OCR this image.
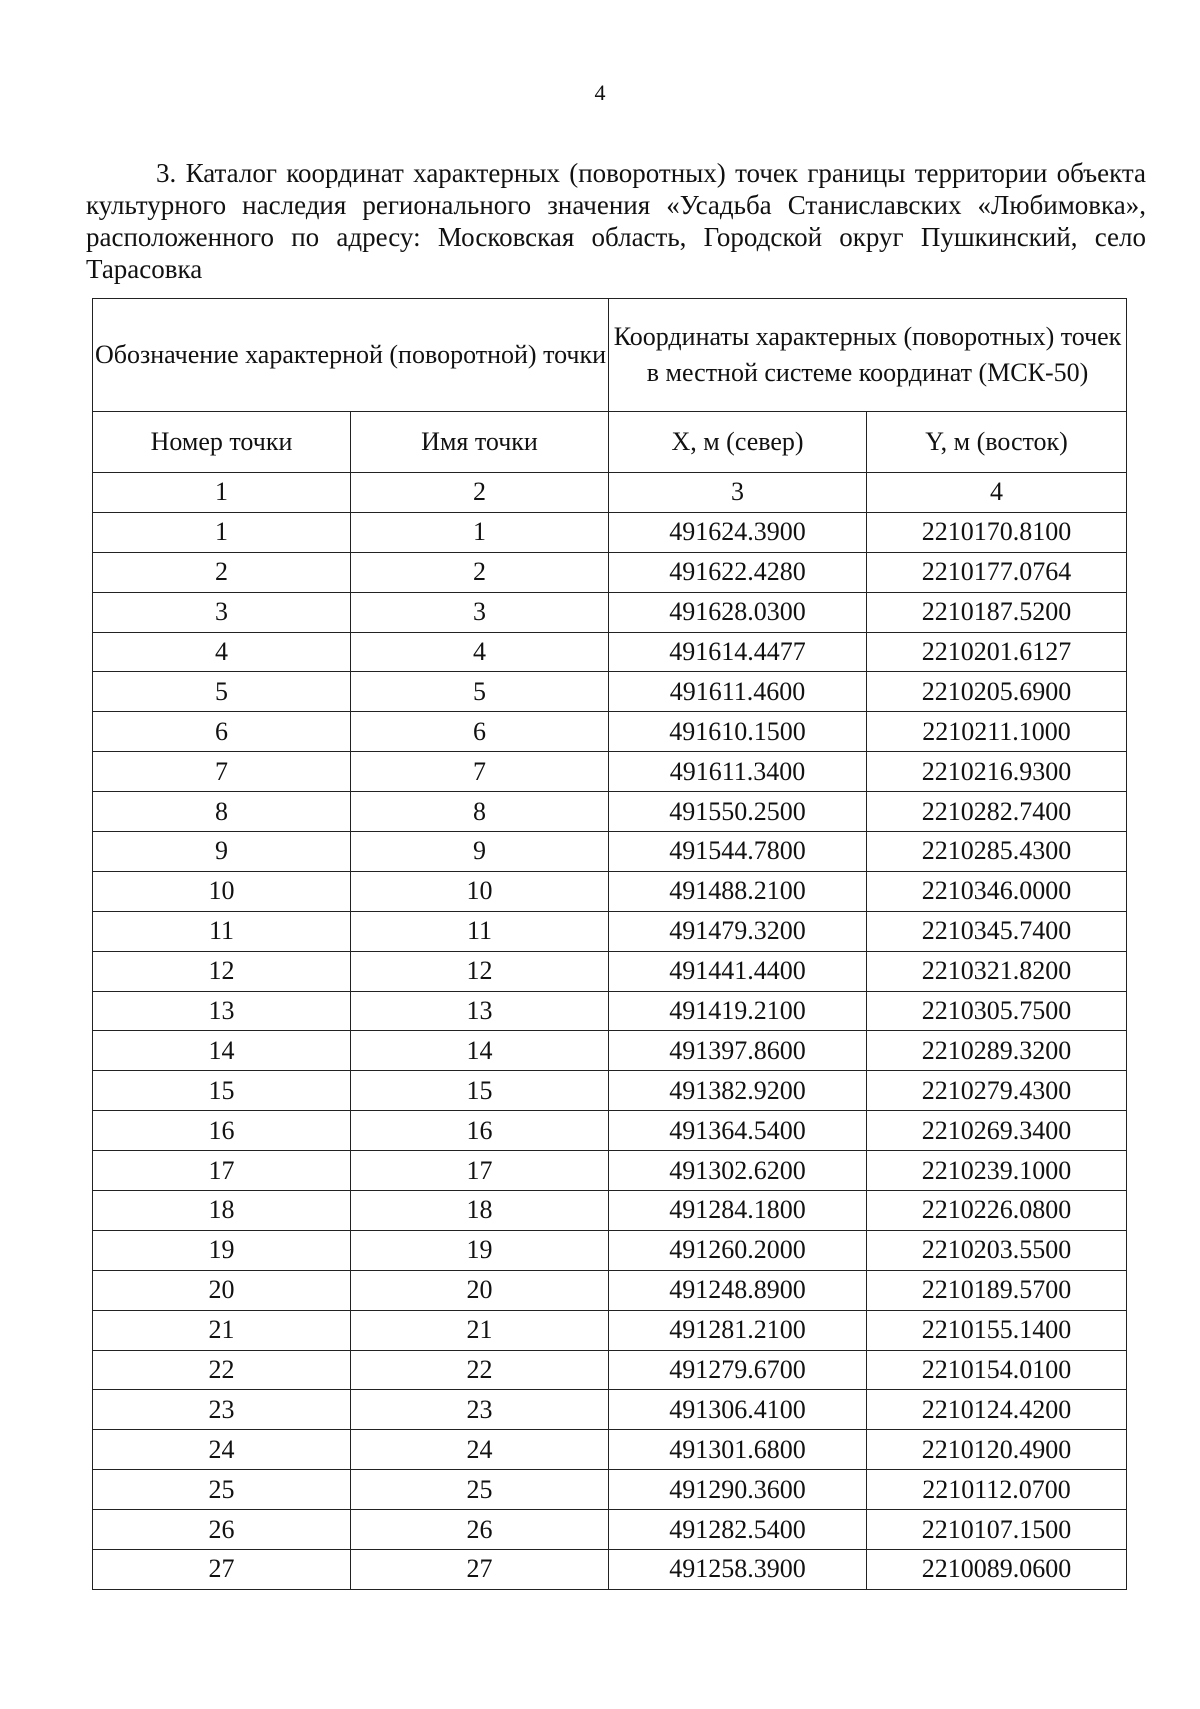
4

3. Каталог координат характерных (поворотных) точек границы территории объекта культурного наследия регионального значения «Усадьба Станиславских «Любимовка», расположенного по адресу: Московская область, Городской округ Пушкинский, село Тарасовка

Обозначение характерной (поворотной) точки		Координаты характерных (поворотных) точек в местной системе координат (МСК-50)	
Номер точки	Имя точки	X, м (север)	Y, м (восток)
1	2	3	4
1	1	491624.3900	2210170.8100
2	2	491622.4280	2210177.0764
3	3	491628.0300	2210187.5200
4	4	491614.4477	2210201.6127
5	5	491611.4600	2210205.6900
6	6	491610.1500	2210211.1000
7	7	491611.3400	2210216.9300
8	8	491550.2500	2210282.7400
9	9	491544.7800	2210285.4300
10	10	491488.2100	2210346.0000
11	11	491479.3200	2210345.7400
12	12	491441.4400	2210321.8200
13	13	491419.2100	2210305.7500
14	14	491397.8600	2210289.3200
15	15	491382.9200	2210279.4300
16	16	491364.5400	2210269.3400
17	17	491302.6200	2210239.1000
18	18	491284.1800	2210226.0800
19	19	491260.2000	2210203.5500
20	20	491248.8900	2210189.5700
21	21	491281.2100	2210155.1400
22	22	491279.6700	2210154.0100
23	23	491306.4100	2210124.4200
24	24	491301.6800	2210120.4900
25	25	491290.3600	2210112.0700
26	26	491282.5400	2210107.1500
27	27	491258.3900	2210089.0600
